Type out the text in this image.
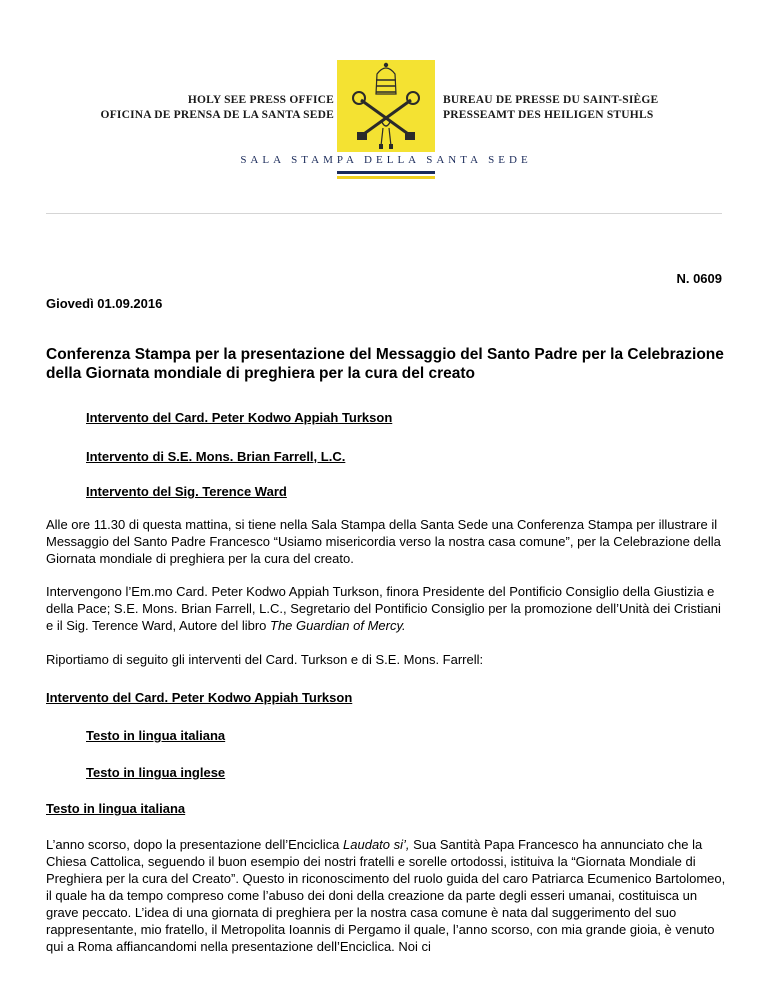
HOLY SEE PRESS OFFICE
OFICINA DE PRENSA DE LA SANTA SEDE
BUREAU DE PRESSE DU SAINT-SIÈGE
PRESSEAMT DES HEILIGEN STUHLS
SALA STAMPA DELLA SANTA SEDE
N. 0609
Giovedì 01.09.2016
Conferenza Stampa per la presentazione del Messaggio del Santo Padre per la Celebrazione della Giornata mondiale di preghiera per la cura del creato
Intervento del Card. Peter Kodwo Appiah Turkson
Intervento di S.E. Mons. Brian Farrell, L.C.
Intervento del Sig. Terence Ward
Alle ore 11.30 di questa mattina, si tiene nella Sala Stampa della Santa Sede una Conferenza Stampa per illustrare il Messaggio del Santo Padre Francesco “Usiamo misericordia verso la nostra casa comune”, per la Celebrazione della Giornata mondiale di preghiera per la cura del creato.
Intervengono l’Em.mo Card. Peter Kodwo Appiah Turkson, finora Presidente del Pontificio Consiglio della Giustizia e della Pace; S.E. Mons. Brian Farrell, L.C., Segretario del Pontificio Consiglio per la promozione dell’Unità dei Cristiani e il Sig. Terence Ward, Autore del libro The Guardian of Mercy.
Riportiamo di seguito gli interventi del Card. Turkson e di S.E. Mons. Farrell:
Intervento del Card. Peter Kodwo Appiah Turkson
Testo in lingua italiana
Testo in lingua inglese
Testo in lingua italiana
L’anno scorso, dopo la presentazione dell’Enciclica Laudato si’, Sua Santità Papa Francesco ha annunciato che la Chiesa Cattolica, seguendo il buon esempio dei nostri fratelli e sorelle ortodossi, istituiva la “Giornata Mondiale di Preghiera per la cura del Creato”. Questo in riconoscimento del ruolo guida del caro Patriarca Ecumenico Bartolomeo, il quale ha da tempo compreso come l’abuso dei doni della creazione da parte degli esseri umanai, costituisca un grave peccato. L’idea di una giornata di preghiera per la nostra casa comune è nata dal suggerimento del suo rappresentante, mio fratello, il Metropolita Ioannis di Pergamo il quale, l’anno scorso, con mia grande gioia, è venuto qui a Roma affiancandomi nella presentazione dell’Enciclica. Noi ci
